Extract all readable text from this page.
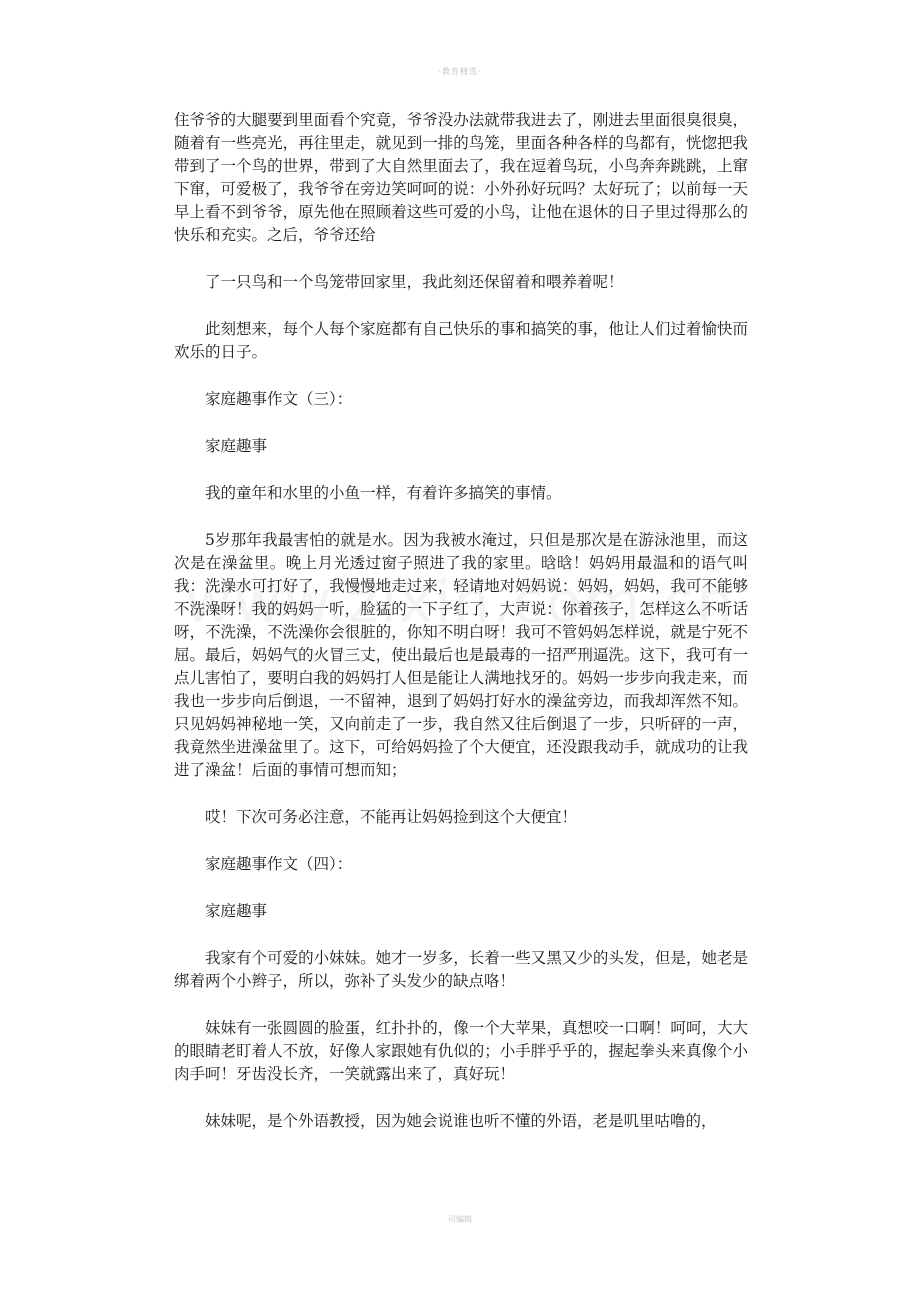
·教育精选·

住爷爷的大腿要到里面看个究竟，爷爷没办法就带我进去了，刚进去里面很臭很臭，随着有一些亮光，再往里走，就见到一排的鸟笼，里面各种各样的鸟都有，恍惚把我带到了一个鸟的世界，带到了大自然里面去了，我在逗着鸟玩，小鸟奔奔跳跳，上窜下窜，可爱极了，我爷爷在旁边笑呵呵的说：小外孙好玩吗？太好玩了；以前每一天早上看不到爷爷，原先他在照顾着这些可爱的小鸟，让他在退休的日子里过得那么的快乐和充实。之后，爷爷还给

了一只鸟和一个鸟笼带回家里，我此刻还保留着和喂养着呢！

此刻想来，每个人每个家庭都有自己快乐的事和搞笑的事，他让人们过着愉快而欢乐的日子。

家庭趣事作文（三）：

家庭趣事

我的童年和水里的小鱼一样，有着许多搞笑的事情。

5岁那年我最害怕的就是水。因为我被水淹过，只但是那次是在游泳池里，而这次是在澡盆里。晚上月光透过窗子照进了我的家里。晗晗！妈妈用最温和的语气叫我：洗澡水可打好了，我慢慢地走过来，轻请地对妈妈说：妈妈，妈妈，我可不能够不洗澡呀！我的妈妈一听，脸猛的一下子红了，大声说：你着孩子，怎样这么不听话呀，不洗澡，不洗澡你会很脏的，你知不明白呀！我可不管妈妈怎样说，就是宁死不屈。最后，妈妈气的火冒三丈，使出最后也是最毒的一招严刑逼洗。这下，我可有一点儿害怕了，要明白我的妈妈打人但是能让人满地找牙的。妈妈一步步向我走来，而我也一步步向后倒退，一不留神，退到了妈妈打好水的澡盆旁边，而我却浑然不知。只见妈妈神秘地一笑，又向前走了一步，我自然又往后倒退了一步，只听砰的一声，我竟然坐进澡盆里了。这下，可给妈妈捡了个大便宜，还没跟我动手，就成功的让我进了澡盆！后面的事情可想而知；

哎！下次可务必注意，不能再让妈妈捡到这个大便宜！

家庭趣事作文（四）：

家庭趣事

我家有个可爱的小妹妹。她才一岁多，长着一些又黑又少的头发，但是，她老是绑着两个小辫子，所以，弥补了头发少的缺点咯！

妹妹有一张圆圆的脸蛋，红扑扑的，像一个大苹果，真想咬一口啊！呵呵，大大的眼睛老盯着人不放，好像人家跟她有仇似的；小手胖乎乎的，握起拳头来真像个小肉手呵！牙齿没长齐，一笑就露出来了，真好玩！

妹妹呢，是个外语教授，因为她会说谁也听不懂的外语，老是叽里咕噜的，

可编辑
